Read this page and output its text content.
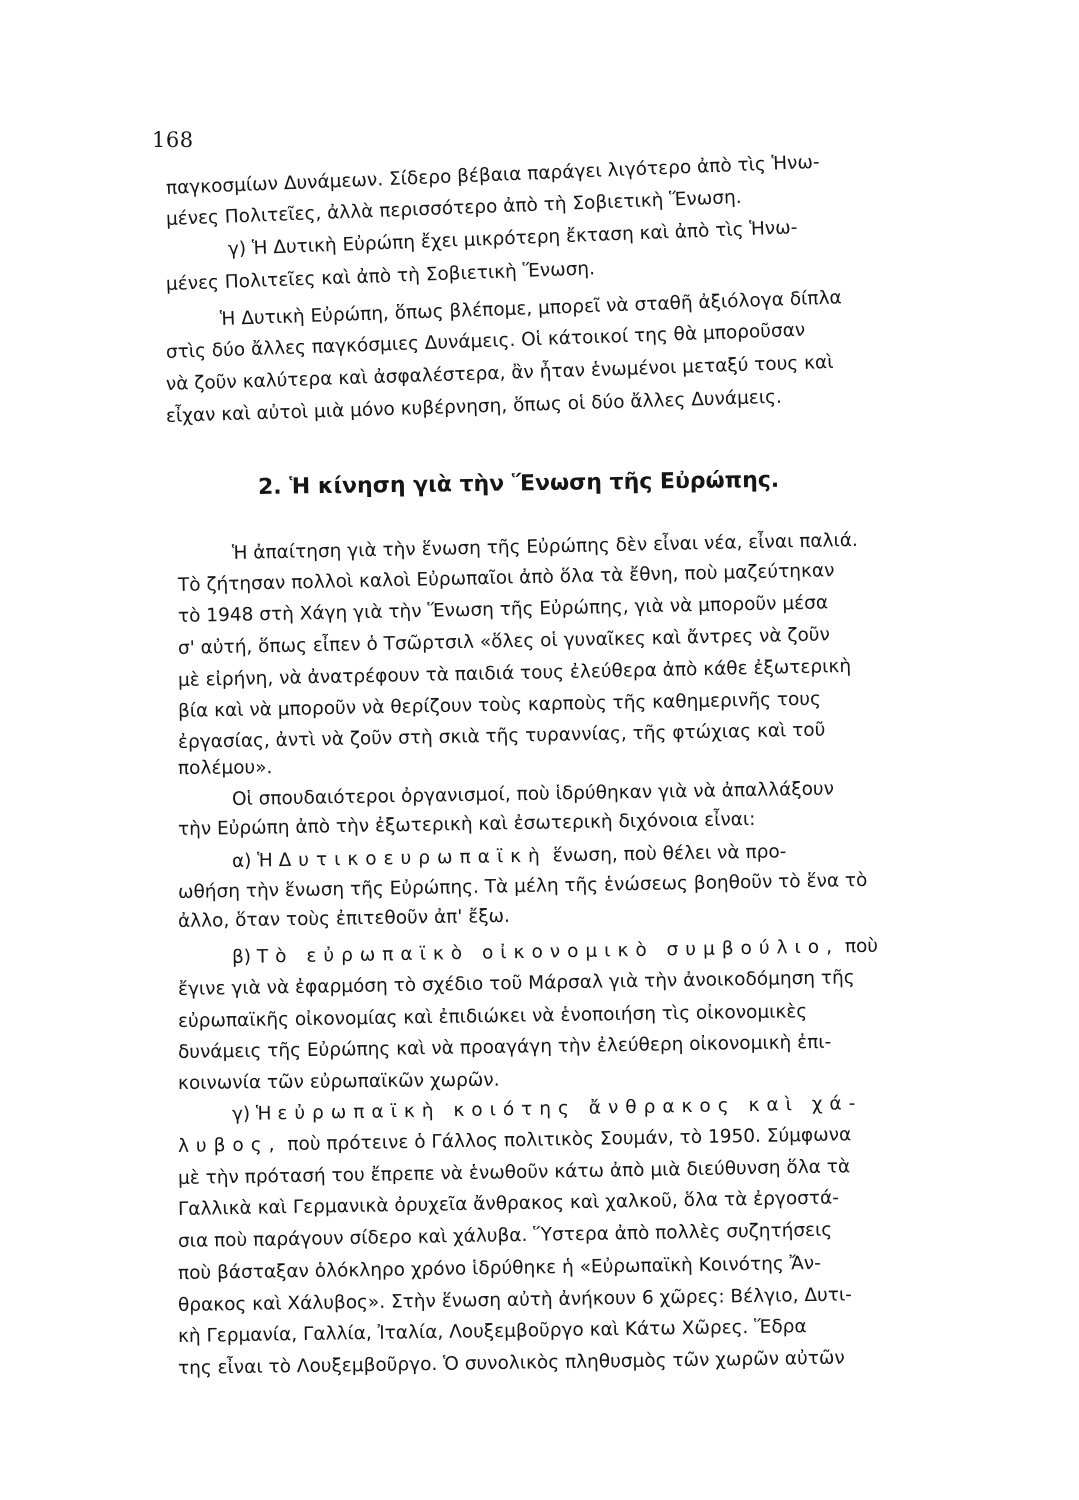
168
παγκοσμίων Δυνάμεων. Σίδερο βέβαια παράγει λιγότερο ἀπὸ τὶς Ἡνω-
μένες Πολιτεῖες, ἀλλὰ περισσότερο ἀπὸ τὴ Σοβιετικὴ Ἕνωση.
γ) Ἡ Δυτικὴ Εὐρώπη ἔχει μικρότερη ἔκταση καὶ ἀπὸ τὶς Ἡνω-
μένες Πολιτεῖες καὶ ἀπὸ τὴ Σοβιετικὴ Ἕνωση.
Ἡ Δυτικὴ Εὐρώπη, ὅπως βλέπομε, μπορεῖ νὰ σταθῆ ἀξιόλογα δίπλα
στὶς δύο ἄλλες παγκόσμιες Δυνάμεις. Οἱ κάτοικοί της θὰ μποροῦσαν
νὰ ζοῦν καλύτερα καὶ ἀσφαλέστερα, ἂν ἦταν ἑνωμένοι μεταξύ τους καὶ
εἶχαν καὶ αὐτοὶ μιὰ μόνο κυβέρνηση, ὅπως οἱ δύο ἄλλες Δυνάμεις.
2. Ἡ κίνηση γιὰ τὴν Ἕνωση τῆς Εὐρώπης.
Ἡ ἀπαίτηση γιὰ τὴν ἕνωση τῆς Εὐρώπης δὲν εἶναι νέα, εἶναι παλιά.
Τὸ ζήτησαν πολλοὶ καλοὶ Εὐρωπαῖοι ἀπὸ ὅλα τὰ ἔθνη, ποὺ μαζεύτηκαν
τὸ 1948 στὴ Χάγη γιὰ τὴν Ἕνωση τῆς Εὐρώπης, γιὰ νὰ μποροῦν μέσα
σ' αὐτή, ὅπως εἶπεν ὁ Τσῶρτσιλ «ὅλες οἱ γυναῖκες καὶ ἄντρες νὰ ζοῦν
μὲ εἰρήνη, νὰ ἀνατρέφουν τὰ παιδιά τους ἐλεύθερα ἀπὸ κάθε ἐξωτερικὴ
βία καὶ νὰ μποροῦν νὰ θερίζουν τοὺς καρποὺς τῆς καθημερινῆς τους
ἐργασίας, ἀντὶ νὰ ζοῦν στὴ σκιὰ τῆς τυραννίας, τῆς φτώχιας καὶ τοῦ
πολέμου».
Οἱ σπουδαιότεροι ὀργανισμοί, ποὺ ἱδρύθηκαν γιὰ νὰ ἀπαλλάξουν
τὴν Εὐρώπη ἀπὸ τὴν ἐξωτερικὴ καὶ ἐσωτερικὴ διχόνοια εἶναι:
α) Ἡ Δυτικοευρωπαϊκὴ ἕνωση, ποὺ θέλει νὰ προ-
ωθήση τὴν ἕνωση τῆς Εὐρώπης. Τὰ μέλη τῆς ἑνώσεως βοηθοῦν τὸ ἕνα τὸ
ἀλλο, ὅταν τοὺς ἐπιτεθοῦν ἀπ' ἔξω.
β) Τὸ εὐρωπαϊκὸ οἰκονομικὸ συμβούλιο, ποὺ
ἔγινε γιὰ νὰ ἐφαρμόση τὸ σχέδιο τοῦ Μάρσαλ γιὰ τὴν ἀνοικοδόμηση τῆς
εὐρωπαϊκῆς οἰκονομίας καὶ ἐπιδιώκει νὰ ἑνοποιήση τὶς οἰκονομικὲς
δυνάμεις τῆς Εὐρώπης καὶ νὰ προαγάγη τὴν ἐλεύθερη οἰκονομικὴ ἐπι-
κοινωνία τῶν εὐρωπαϊκῶν χωρῶν.
γ) Ἡ εὐρωπαϊκὴ κοιότης ἄνθρακος καὶ χά-
λυβος, ποὺ πρότεινε ὁ Γάλλος πολιτικὸς Σουμάν, τὸ 1950. Σύμφωνα
μὲ τὴν πρότασή του ἔπρεπε νὰ ἑνωθοῦν κάτω ἀπὸ μιὰ διεύθυνση ὅλα τὰ
Γαλλικὰ καὶ Γερμανικὰ ὀρυχεῖα ἄνθρακος καὶ χαλκοῦ, ὅλα τὰ ἐργοστά-
σια ποὺ παράγουν σίδερο καὶ χάλυβα. Ὕστερα ἀπὸ πολλὲς συζητήσεις
ποὺ βάσταξαν ὁλόκληρο χρόνο ἱδρύθηκε ἡ «Εὐρωπαϊκὴ Κοινότης Ἄν-
θρακος καὶ Χάλυβος». Στὴν ἕνωση αὐτὴ ἀνήκουν 6 χῶρες: Βέλγιο, Δυτι-
κὴ Γερμανία, Γαλλία, Ἰταλία, Λουξεμβοῦργο καὶ Κάτω Χῶρες. Ἕδρα
της εἶναι τὸ Λουξεμβοῦργο. Ὁ συνολικὸς πληθυσμὸς τῶν χωρῶν αὐτῶν
